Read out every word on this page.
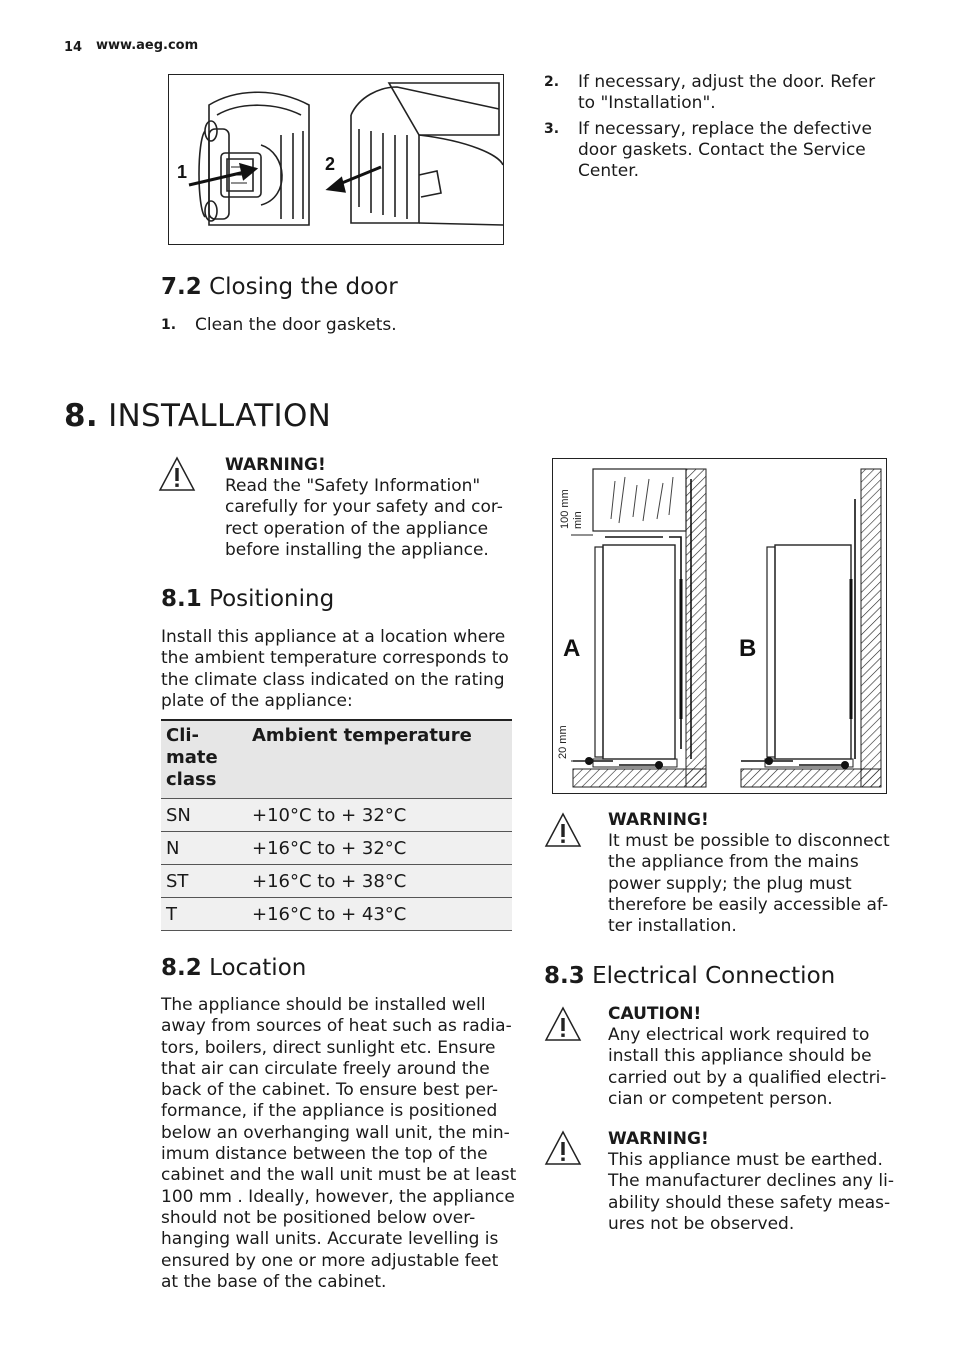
14 www.aeg.com
1	2
2. If necessary, adjust the door. Refer to "Installation".
3. If necessary, replace the defective door gaskets. Contact the Service Center.
7.2 Closing the door
1. Clean the door gaskets.
8. INSTALLATION
WARNING!
Read the "Safety Information" carefully for your safety and cor-rect operation of the appliance before installing the appliance.
8.1 Positioning
Install this appliance at a location where the ambient temperature corresponds to the climate class indicated on the rating plate of the appliance:
Cli-mate class	Ambient temperature
SN	+10°C to + 32°C
N	+16°C to + 32°C
ST	+16°C to + 38°C
T	+16°C to + 43°C
8.2 Location
The appliance should be installed well away from sources of heat such as radia-tors, boilers, direct sunlight etc. Ensure that air can circulate freely around the back of the cabinet. To ensure best per-formance, if the appliance is positioned below an overhanging wall unit, the min-imum distance between the top of the cabinet and the wall unit must be at least 100 mm . Ideally, however, the appliance should not be positioned below over-hanging wall units. Accurate levelling is ensured by one or more adjustable feet at the base of the cabinet.
100 mm min
20 mm
A	B
WARNING!
It must be possible to disconnect the appliance from the mains power supply; the plug must therefore be easily accessible af-ter installation.
8.3 Electrical Connection
CAUTION!
Any electrical work required to install this appliance should be carried out by a qualified electri-cian or competent person.
WARNING!
This appliance must be earthed. The manufacturer declines any li-ability should these safety meas-ures not be observed.
